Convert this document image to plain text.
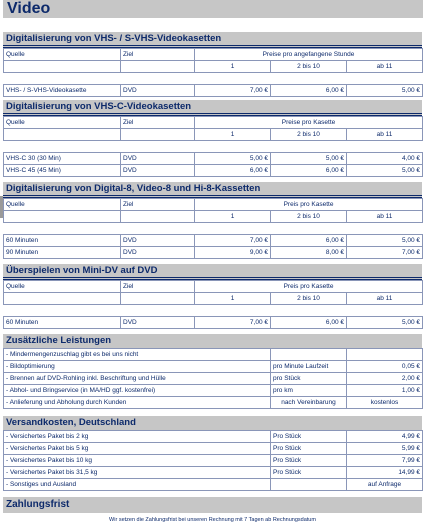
Video
Digitalisierung von VHS- / S-VHS-Videokasetten
Quelle	Ziel	Preise pro angefangene Stunde		
		1	2 bis 10	ab 11

VHS- / S-VHS-Videokasette	DVD	7,00 €	6,00 €	5,00 €
Digitalisierung von VHS-C-Videokasetten
Quelle	Ziel	Preise pro Kasette		
		1	2 bis 10	ab 11

VHS-C 30 (30 Min)	DVD	5,00 €	5,00 €	4,00 €
VHS-C 45 (45 Min)	DVD	6,00 €	6,00 €	5,00 €
Digitalisierung von Digital-8, Video-8 und Hi-8-Kassetten
Quelle	Ziel	Preis pro Kasette		
		1	2 bis 10	ab 11

60 Minuten	DVD	7,00 €	6,00 €	5,00 €
90 Minuten	DVD	9,00 €	8,00 €	7,00 €
Überspielen von Mini-DV auf DVD
Quelle	Ziel	Preis pro Kasette		
		1	2 bis 10	ab 11

60 Minuten	DVD	7,00 €	6,00 €	5,00 €
Zusätzliche Leistungen
- Mindermengenzuschlag gibt es bei uns nicht		
- Bildoptimierung	pro Minute Laufzeit	0,05 €
- Brennen auf DVD-Rohling inkl. Beschriftung und Hülle	pro Stück	2,00 €
- Abhol- und Bringservice (in MA/HD ggf. kostenfrei)	pro km	1,00 €
- Anlieferung und Abholung durch Kunden	nach Vereinbarung	kostenlos
Versandkosten, Deutschland
- Versichertes Paket bis 2 kg	Pro Stück	4,99 €
- Versichertes Paket bis 5 kg	Pro Stück	5,99 €
- Versichertes Paket bis 10 kg	Pro Stück	7,99 €
- Versichertes Paket bis 31,5 kg	Pro Stück	14,99 €
- Sonstiges und Ausland		auf Anfrage
Zahlungsfrist
Wir setzen die Zahlungsfrist bei unseren Rechnung mit 7 Tagen ab Rechnungsdatum
